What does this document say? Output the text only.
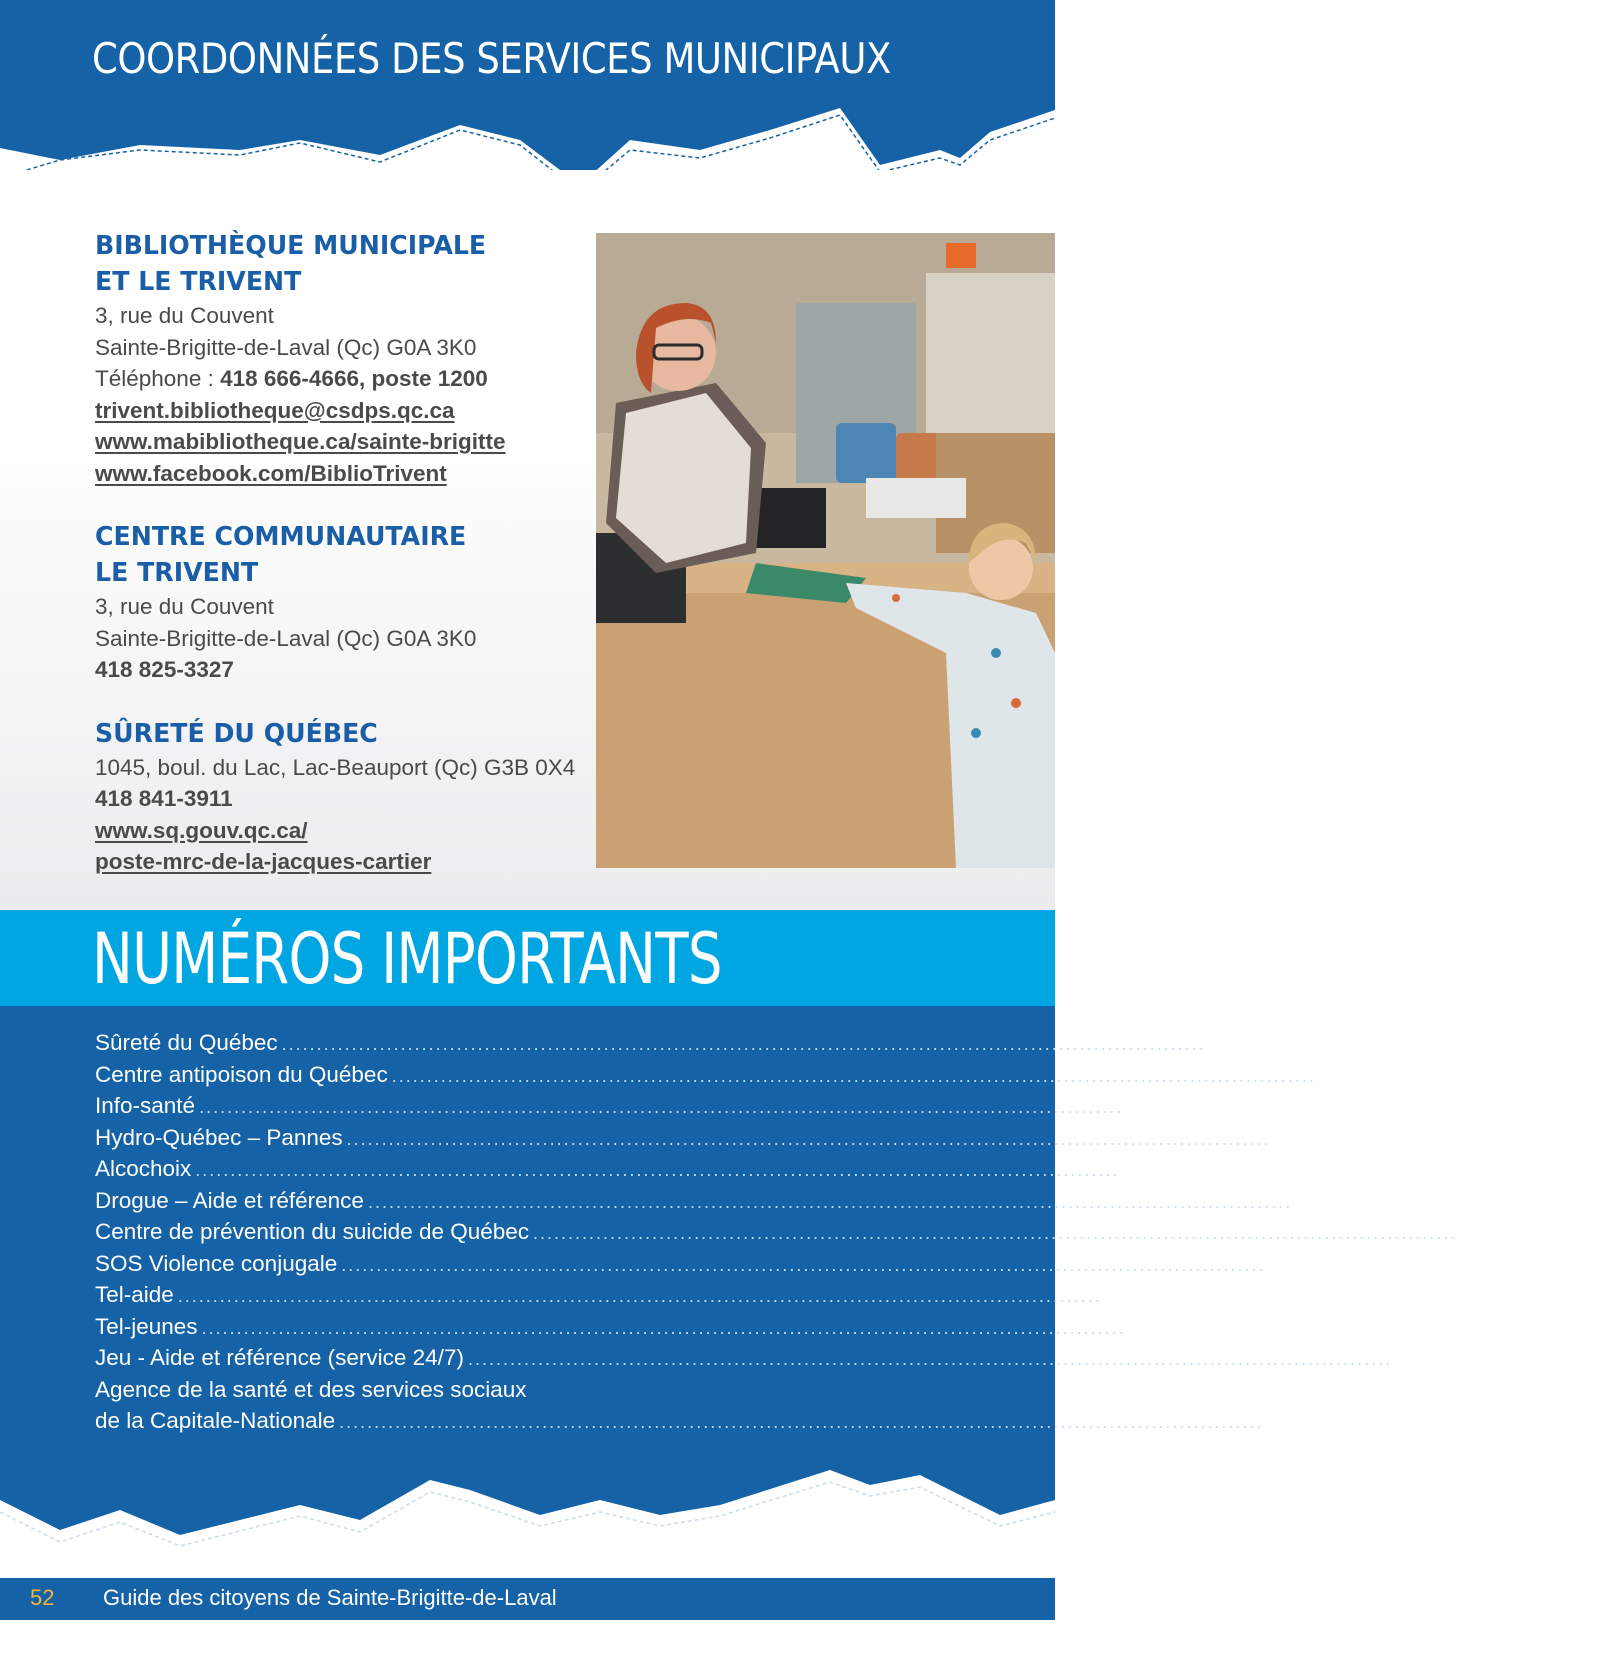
COORDONNÉES DES SERVICES MUNICIPAUX
BIBLIOTHÈQUE MUNICIPALE
ET LE TRIVENT
3, rue du Couvent
Sainte-Brigitte-de-Laval (Qc) G0A 3K0
Téléphone : 418 666-4666, poste 1200
trivent.bibliotheque@csdps.qc.ca
www.mabibliotheque.ca/sainte-brigitte
www.facebook.com/BiblioTrivent
CENTRE COMMUNAUTAIRE
LE TRIVENT
3, rue du Couvent
Sainte-Brigitte-de-Laval (Qc) G0A 3K0
418 825-3327
SÛRETÉ DU QUÉBEC
1045, boul. du Lac, Lac-Beauport (Qc) G3B 0X4
418 841-3911
www.sq.gouv.qc.ca/
poste-mrc-de-la-jacques-cartier
NUMÉROS IMPORTANTS
Sûreté du Québec .................................................................................................................................... 418 310-4141
Centre antipoison du Québec .................................................................................................................................... 1 800 463-5060
Info-santé .................................................................................................................................... 811
Hydro-Québec – Pannes .................................................................................................................................... 1 800 790-2424
Alcochoix .................................................................................................................................... 418 651-6464 I 1 877 252-6246
Drogue – Aide et référence .................................................................................................................................... 1 800 265-2626
Centre de prévention du suicide de Québec .................................................................................................................................... 418 683-4588
SOS Violence conjugale .................................................................................................................................... 1 800 363-9010
Tel-aide .................................................................................................................................... 418 686-2433
Tel-jeunes .................................................................................................................................... 1 800 263-2266
Jeu - Aide et référence (service 24/7) .................................................................................................................................... 1 800 461-0140
Agence de la santé et des services sociaux
de la Capitale-Nationale .................................................................................................................................... www.rrsss03.gouv.qc.ca
52 Guide des citoyens de Sainte-Brigitte-de-Laval
